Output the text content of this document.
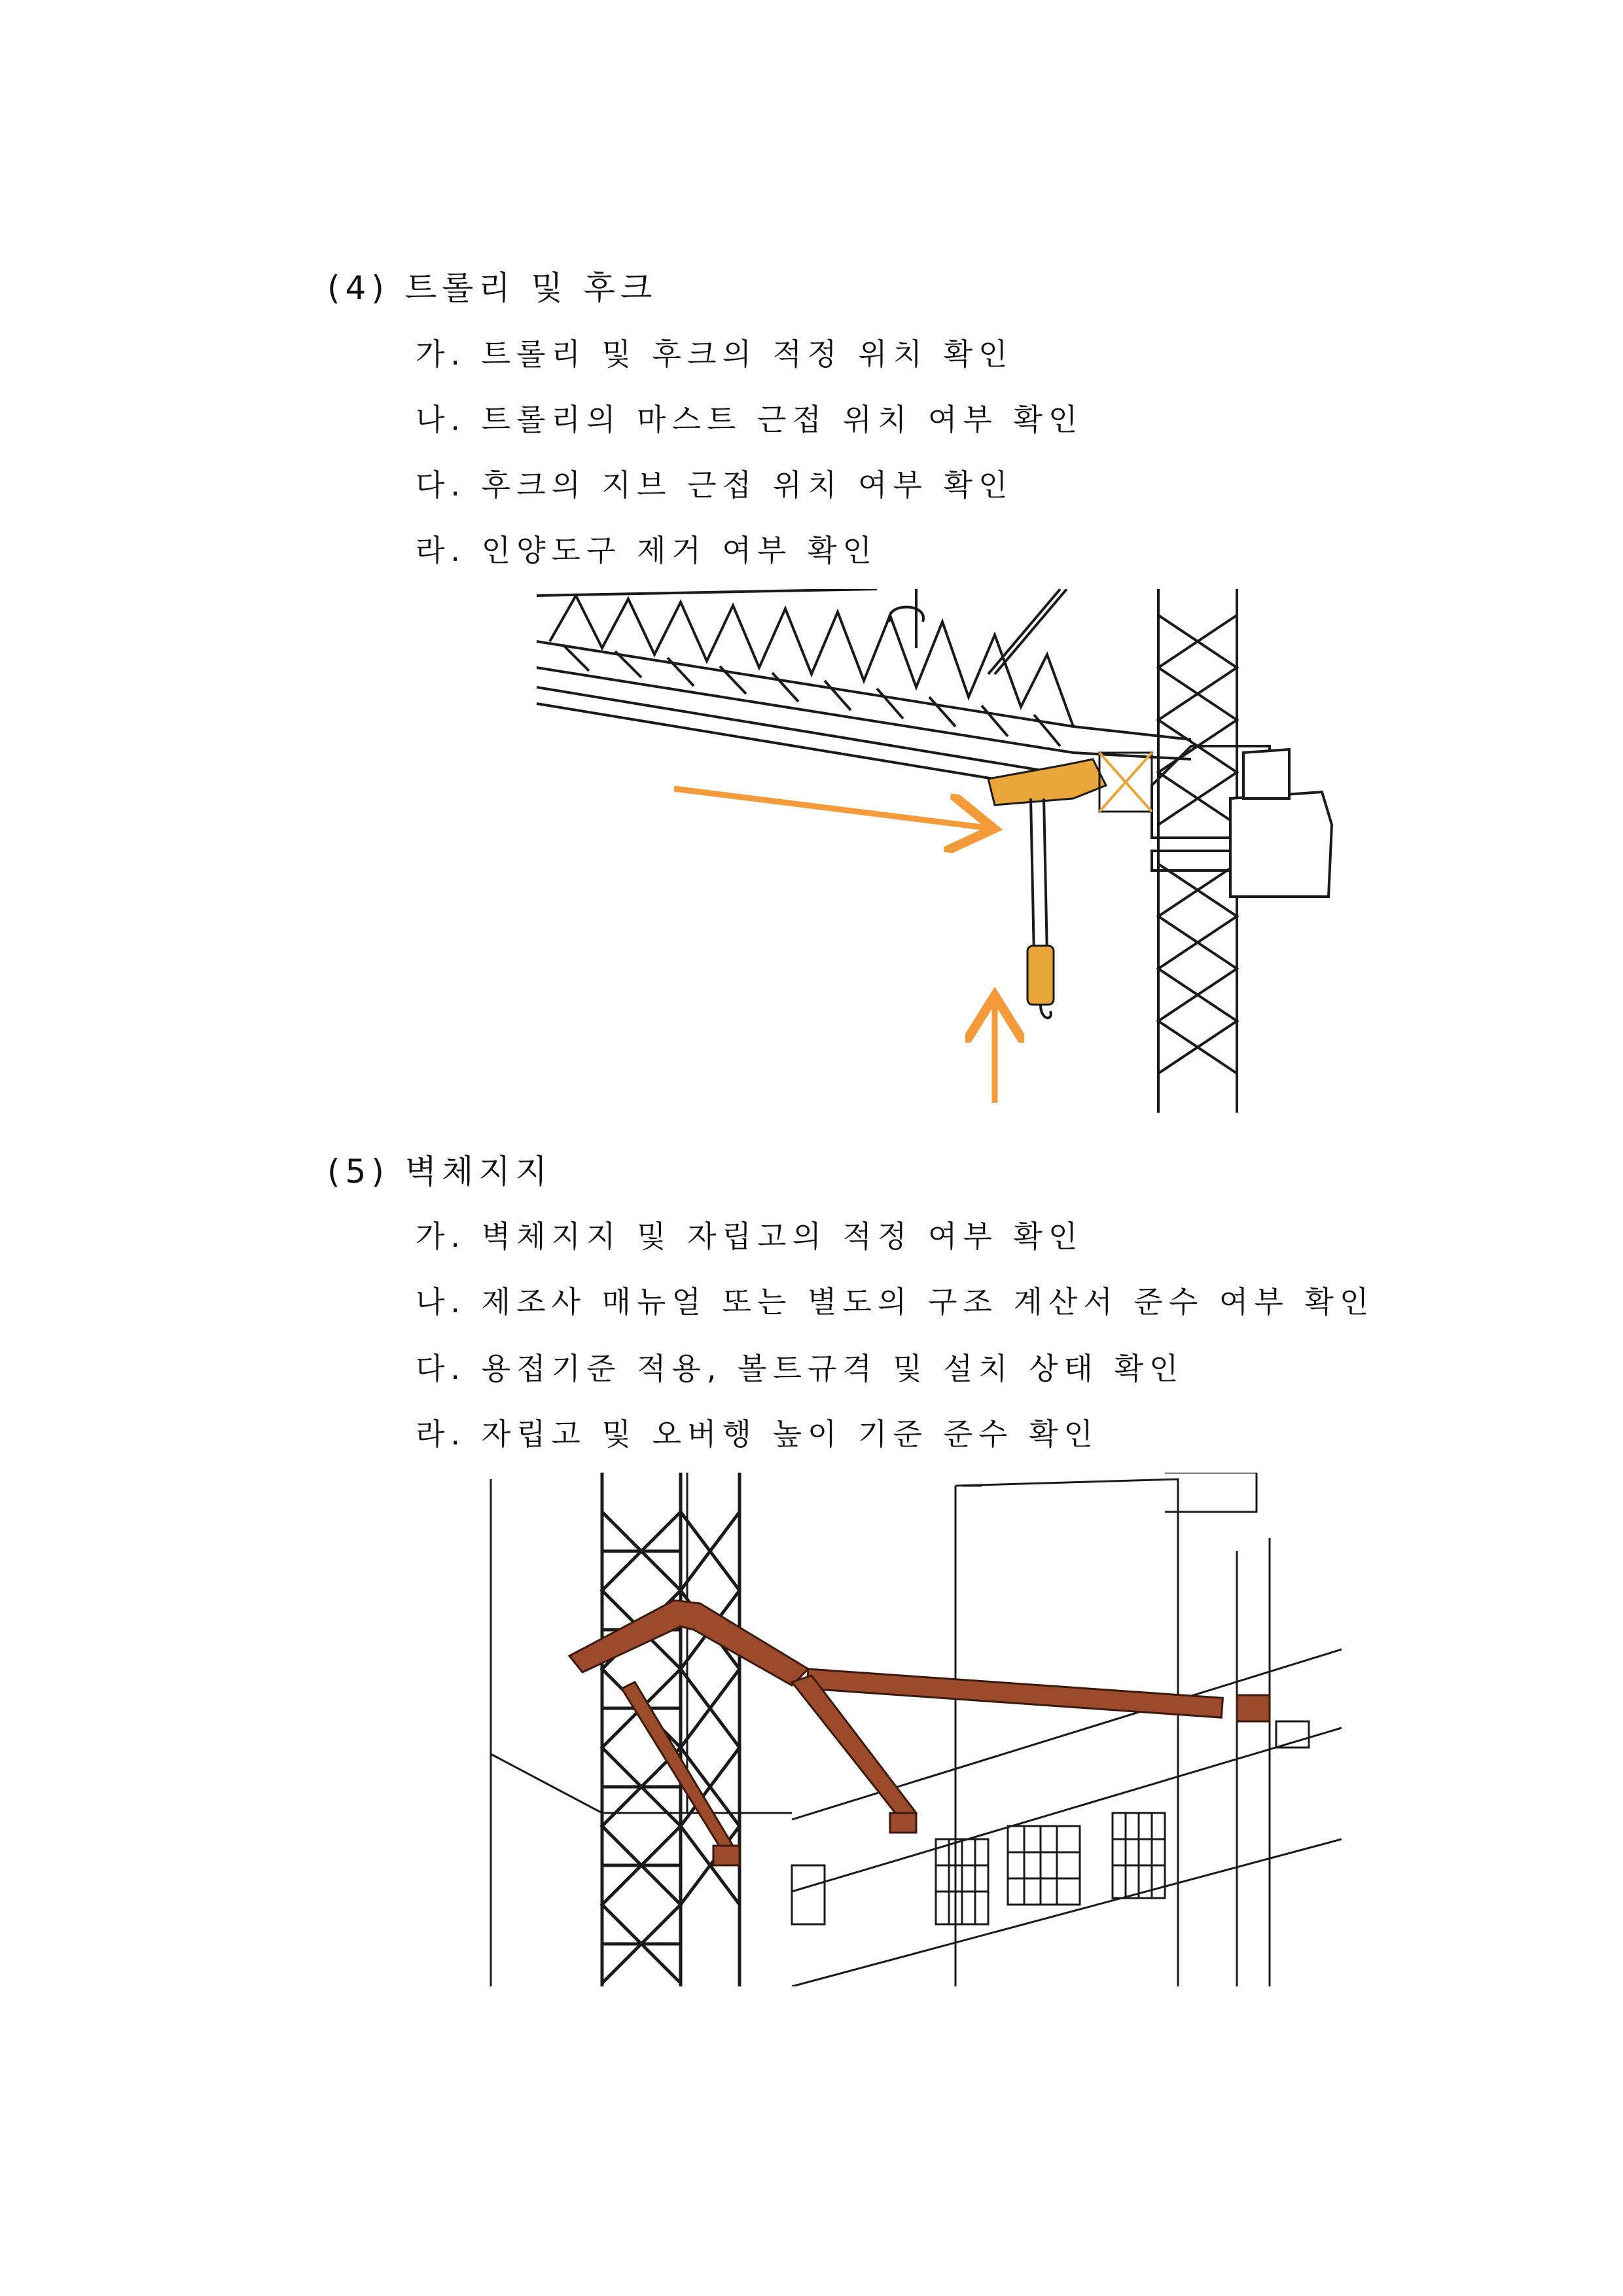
(4) 트롤리 및 후크

가. 트롤리 및 후크의 적정 위치 확인

나. 트롤리의 마스트 근접 위치 여부 확인

다. 후크의 지브 근접 위치 여부 확인

라. 인양도구 제거 여부 확인

(5) 벽체지지

가. 벽체지지 및 자립고의 적정 여부 확인

나. 제조사 매뉴얼 또는 별도의 구조 계산서 준수 여부 확인

다. 용접기준 적용, 볼트규격 및 설치 상태 확인

라. 자립고 및 오버행 높이 기준 준수 확인
